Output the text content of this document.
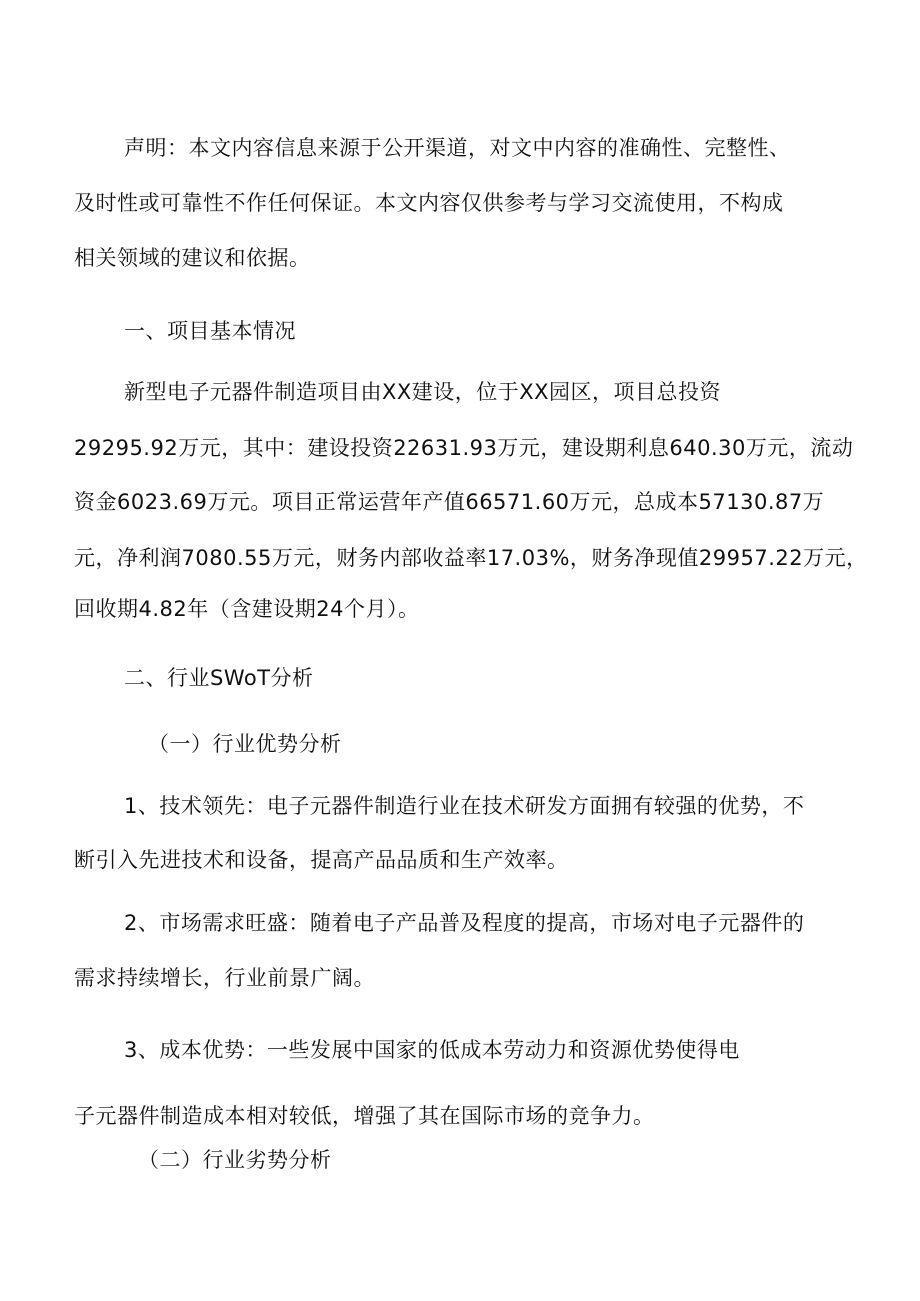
声明：本文内容信息来源于公开渠道，对文中内容的准确性、完整性、
及时性或可靠性不作任何保证。本文内容仅供参考与学习交流使用，不构成
相关领域的建议和依据。
一、项目基本情况
新型电子元器件制造项目由XX建设，位于XX园区，项目总投资
29295.92万元，其中：建设投资22631.93万元，建设期利息640.30万元，流动
资金6023.69万元。项目正常运营年产值66571.60万元，总成本57130.87万
元，净利润7080.55万元，财务内部收益率17.03%，财务净现值29957.22万元，
回收期4.82年（含建设期24个月）。
二、行业SWoT分析
（一）行业优势分析
1、技术领先：电子元器件制造行业在技术研发方面拥有较强的优势，不
断引入先进技术和设备，提高产品品质和生产效率。
2、市场需求旺盛：随着电子产品普及程度的提高，市场对电子元器件的
需求持续增长，行业前景广阔。
3、成本优势：一些发展中国家的低成本劳动力和资源优势使得电
子元器件制造成本相对较低，增强了其在国际市场的竞争力。
（二）行业劣势分析
